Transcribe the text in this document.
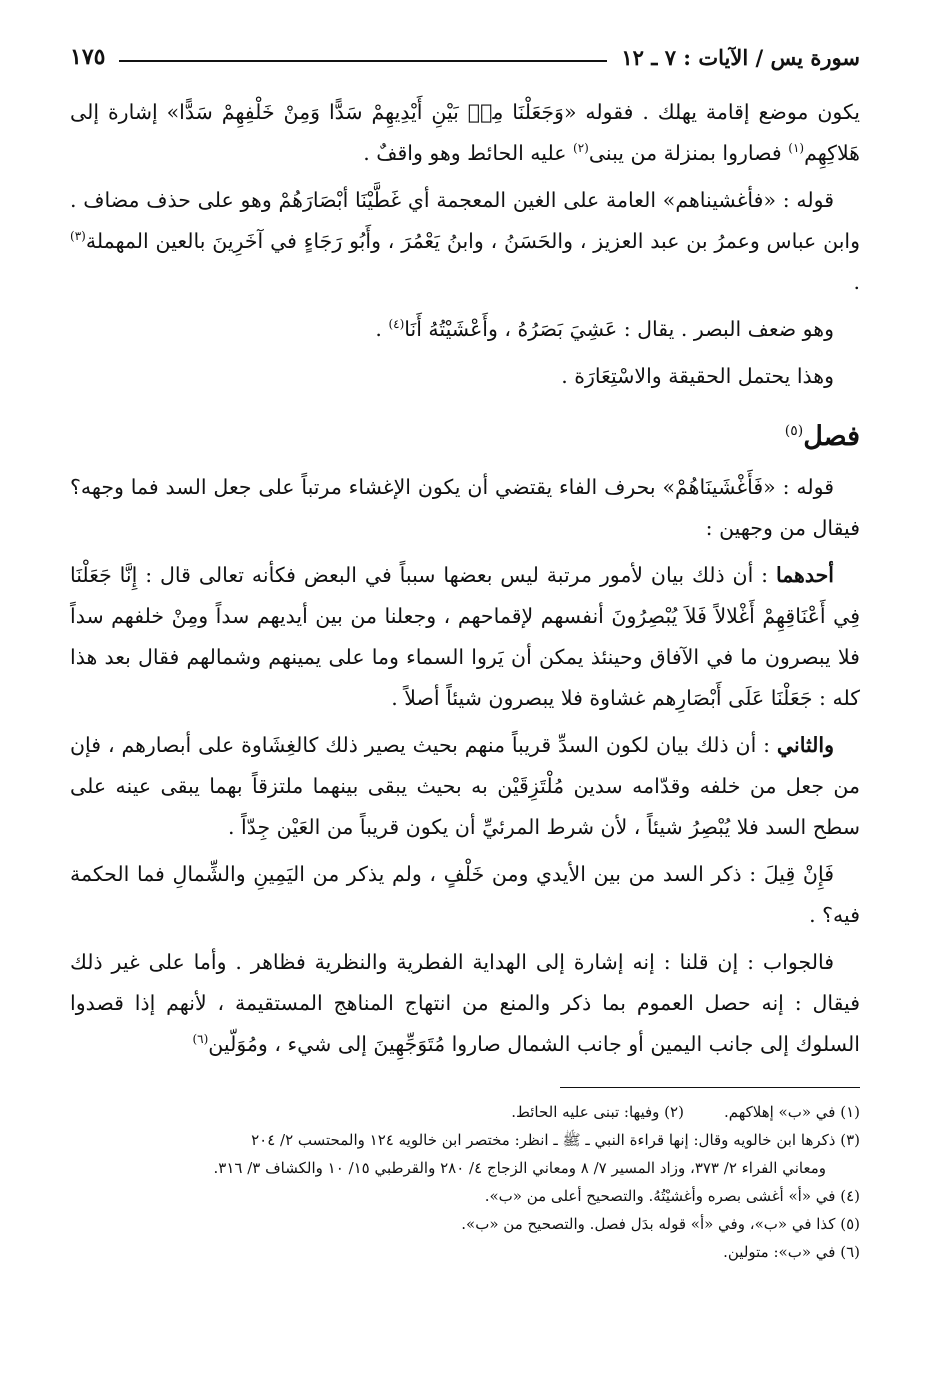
سورة يس / الآيات : ٧ ـ ١٢
١٧٥

يكون موضع إقامة يهلك . فقوله «وَجَعَلْنَا مِنۢ بَيْنِ أَيْدِيهِمْ سَدًّا وَمِنْ خَلْفِهِمْ سَدًّا» إشارة إلى هَلاكِهِم$^{(١)}$ فصاروا بمنزلة من يبنى$^{(٢)}$ عليه الحائط وهو واقفٌ .

قوله : «فأغشيناهم» العامة على الغين المعجمة أي غَطَّيْنَا أبْصَارَهُمْ وهو على حذف مضاف . وابن عباس وعمرُ بن عبد العزيز ، والحَسَنُ ، وابنُ يَعْمُرَ ، وأَبُو رَجَاءٍ في آخَرِينَ بالعين المهملة$^{(٣)}$ .

وهو ضعف البصر . يقال : عَشِيَ بَصَرُهُ ، وأَعْشَيْتُهُ أَنَا$^{(٤)}$ .

وهذا يحتمل الحقيقة والاسْتِعَارَة .

فصل$^{(٥)}$

قوله : «فَأَغْشَينَاهُمْ» بحرف الفاء يقتضي أن يكون الإغشاء مرتباً على جعل السد فما وجهه؟ فيقال من وجهين :

أحدهما : أن ذلك بيان لأمور مرتبة ليس بعضها سبباً في البعض فكأنه تعالى قال : إِنَّا جَعَلْنَا فِي أَعْنَاقِهِمْ أَغْلالاً فَلاَ يُبْصِرُونَ أنفسهم لإقماحهم ، وجعلنا من بين أيديهم سداً ومِنْ خلفهم سداً فلا يبصرون ما في الآفاق وحينئذ يمكن أن يَروا السماء وما على يمينهم وشمالهم فقال بعد هذا كله : جَعَلْنَا عَلَى أَبْصَارِهم غشاوة فلا يبصرون شيئاً أصلاً .

والثاني : أن ذلك بيان لكون السدِّ قريباً منهم بحيث يصير ذلك كالغِشَاوة على أبصارهم ، فإن من جعل من خلفه وقدّامه سدين مُلْتَزِقَيْن به بحيث يبقى بينهما ملتزقاً بهما يبقى عينه على سطح السد فلا يُبْصِرُ شيئاً ، لأن شرط المرئيِّ أن يكون قريباً من العَيْن جِدّاً .

فَإِنْ قِيلَ : ذكر السد من بين الأيدي ومن خَلْفٍ ، ولم يذكر من اليَمِينِ والشِّمالِ فما الحكمة فيه؟ .

فالجواب : إن قلنا : إنه إشارة إلى الهداية الفطرية والنظرية فظاهر . وأما على غير ذلك فيقال : إنه حصل العموم بما ذكر والمنع من انتهاج المناهج المستقيمة ، لأنهم إذا قصدوا السلوك إلى جانب اليمين أو جانب الشمال صاروا مُتَوَجِّهِينَ إلى شيء ، ومُوَلّين$^{(٦)}$

(١) في «ب» إهلاكهم.

(٢) وفيها: تبنى عليه الحائط.

(٣) ذكرها ابن خالويه وقال: إنها قراءة النبي ـ ﷺ ـ انظر: مختصر ابن خالويه ١٢٤ والمحتسب ٢/ ٢٠٤

ومعاني الفراء ٢/ ٣٧٣، وزاد المسير ٧/ ٨ ومعاني الزجاج ٤/ ٢٨٠ والقرطبي ١٥/ ١٠ والكشاف ٣/ ٣١٦.

(٤) في «أ» أغشى بصره وأغشيْتُهُ. والتصحيح أعلى من «ب».

(٥) كذا في «ب»، وفي «أ» قوله بدَل فصل. والتصحيح من «ب».

(٦) في «ب»: متولين.
